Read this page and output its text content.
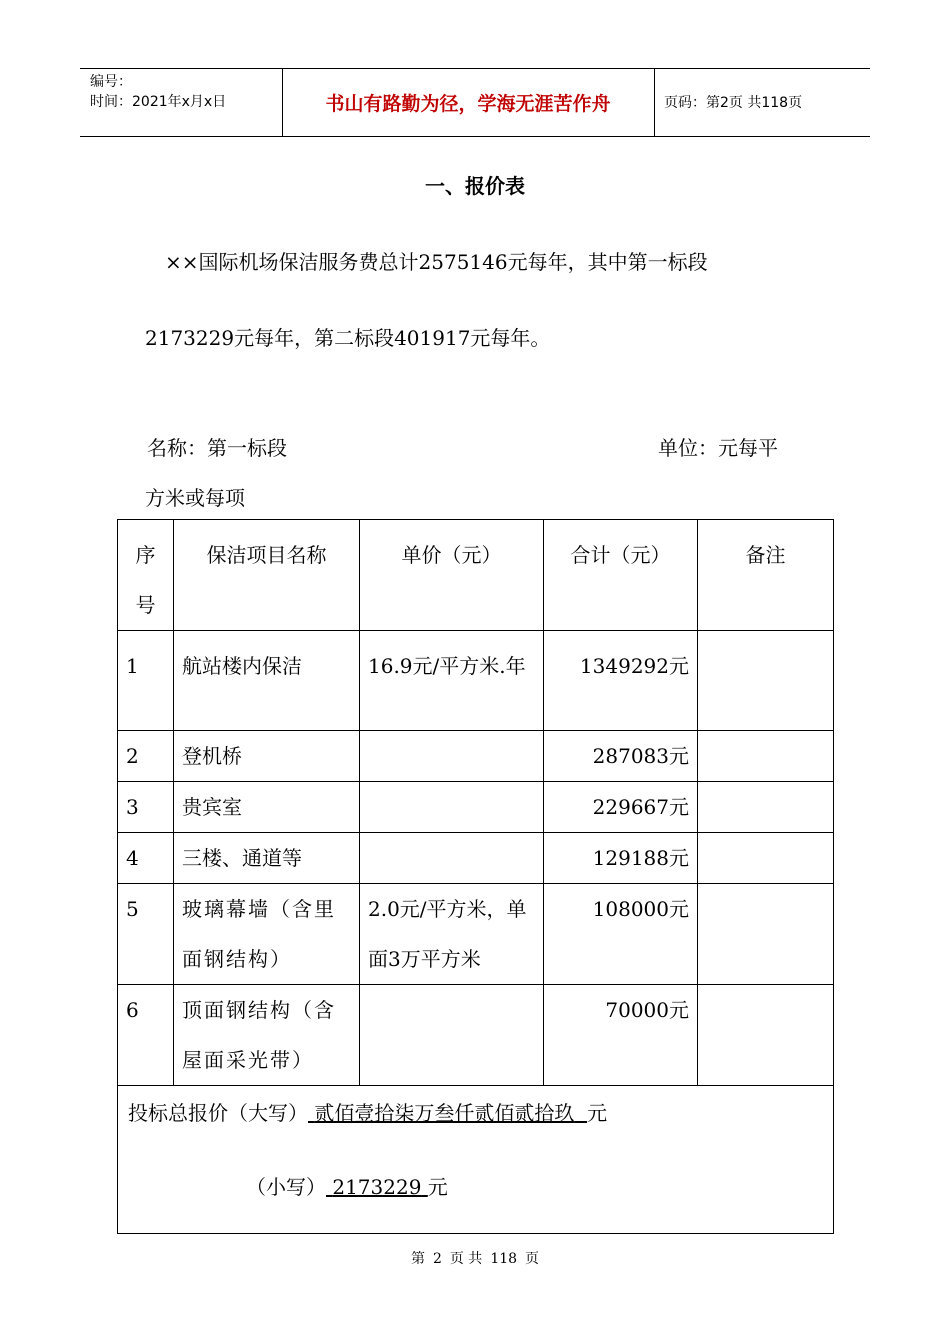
编号：
时间：2021年x月x日	书山有路勤为径，学海无涯苦作舟	页码：第2页 共118页
一、报价表
××国际机场保洁服务费总计2575146元每年，其中第一标段
2173229元每年，第二标段401917元每年。
名称：第一标段	单位：元每平
方米或每项
序号	保洁项目名称	单价（元）	合计（元）	备注
1	航站楼内保洁	16.9元/平方米.年	1349292元	
2	登机桥		287083元	
3	贵宾室		229667元	
4	三楼、通道等		129188元	
5	玻璃幕墙（含里面钢结构）	2.0元/平方米，单面3万平方米	108000元	
6	顶面钢结构（含屋面采光带）		70000元	

投标总报价（大写） 贰佰壹拾柒万叁仟贰佰贰拾玖 元
（小写） 2173229 元				
第 2 页 共 118 页
